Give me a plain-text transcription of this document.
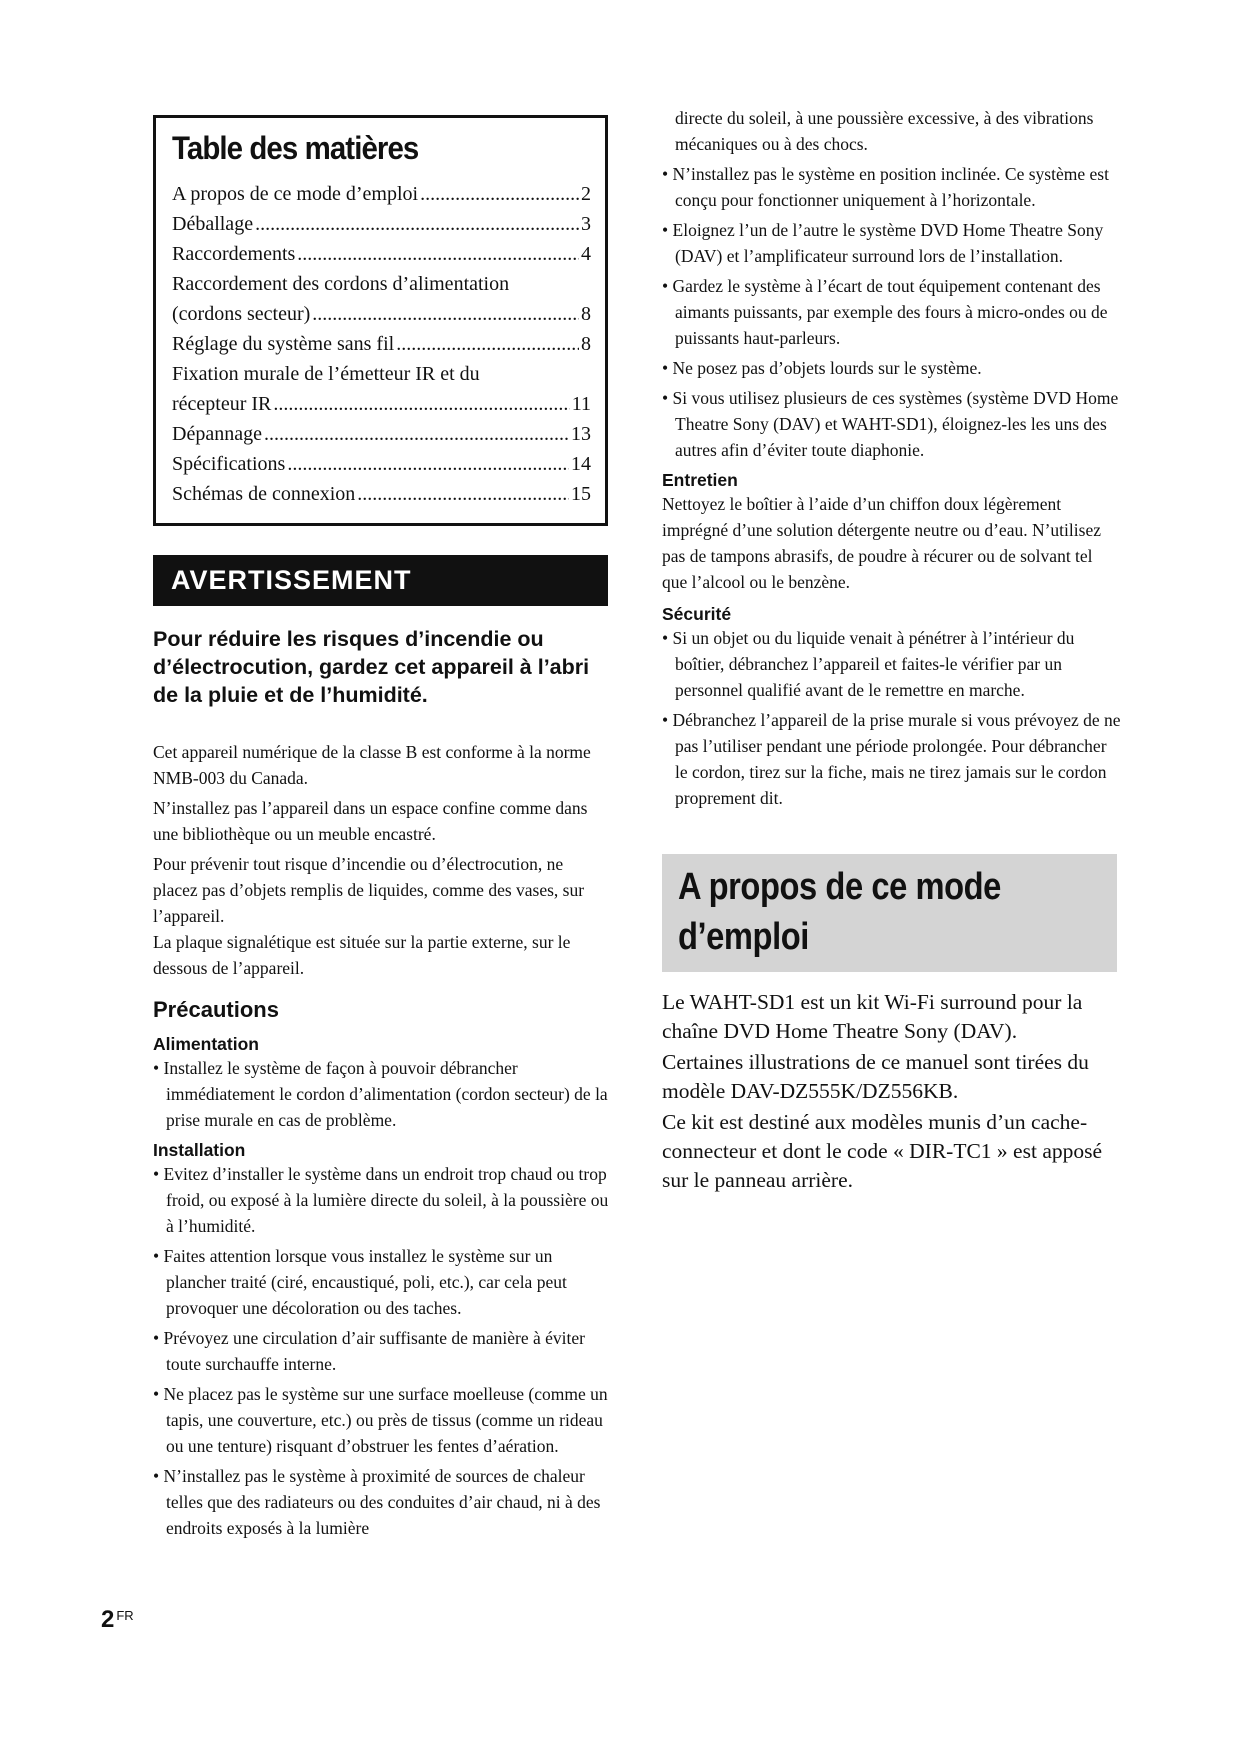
Table des matières
A propos de ce mode d’emploi .....	2
Déballage .....	3
Raccordements .....	4
Raccordement des cordons d’alimentation
(cordons secteur) .....	8
Réglage du système sans fil .....	8
Fixation murale de l’émetteur IR et du
récepteur IR .....	11
Dépannage .....	13
Spécifications .....	14
Schémas de connexion .....	15
AVERTISSEMENT
Pour réduire les risques d’incendie ou d’électrocution, gardez cet appareil à l’abri de la pluie et de l’humidité.

Cet appareil numérique de la classe B est conforme à la norme NMB-003 du Canada.

N’installez pas l’appareil dans un espace confine comme dans une bibliothèque ou un meuble encastré.

Pour prévenir tout risque d’incendie ou d’électrocution, ne placez pas d’objets remplis de liquides, comme des vases, sur l’appareil.

La plaque signalétique est située sur la partie externe, sur le dessous de l’appareil.

Précautions
Alimentation
• Installez le système de façon à pouvoir débrancher immédiatement le cordon d’alimentation (cordon secteur) de la prise murale en cas de problème.
Installation
• Evitez d’installer le système dans un endroit trop chaud ou trop froid, ou exposé à la lumière directe du soleil, à la poussière ou à l’humidité.
• Faites attention lorsque vous installez le système sur un plancher traité (ciré, encaustiqué, poli, etc.), car cela peut provoquer une décoloration ou des taches.
• Prévoyez une circulation d’air suffisante de manière à éviter toute surchauffe interne.
• Ne placez pas le système sur une surface moelleuse (comme un tapis, une couverture, etc.) ou près de tissus (comme un rideau ou une tenture) risquant d’obstruer les fentes d’aération.
• N’installez pas le système à proximité de sources de chaleur telles que des radiateurs ou des conduites d’air chaud, ni à des endroits exposés à la lumière
directe du soleil, à une poussière excessive, à des vibrations mécaniques ou à des chocs.
• N’installez pas le système en position inclinée. Ce système est conçu pour fonctionner uniquement à l’horizontale.
• Eloignez l’un de l’autre le système DVD Home Theatre Sony (DAV) et l’amplificateur surround lors de l’installation.
• Gardez le système à l’écart de tout équipement contenant des aimants puissants, par exemple des fours à micro-ondes ou de puissants haut-parleurs.
• Ne posez pas d’objets lourds sur le système.
• Si vous utilisez plusieurs de ces systèmes (système DVD Home Theatre Sony (DAV) et WAHT-SD1), éloignez-les les uns des autres afin d’éviter toute diaphonie.
Entretien

Nettoyez le boîtier à l’aide d’un chiffon doux légèrement imprégné d’une solution détergente neutre ou d’eau. N’utilisez pas de tampons abrasifs, de poudre à récurer ou de solvant tel que l’alcool ou le benzène.

Sécurité
• Si un objet ou du liquide venait à pénétrer à l’intérieur du boîtier, débranchez l’appareil et faites-le vérifier par un personnel qualifié avant de le remettre en marche.
• Débranchez l’appareil de la prise murale si vous prévoyez de ne pas l’utiliser pendant une période prolongée. Pour débrancher le cordon, tirez sur la fiche, mais ne tirez jamais sur le cordon proprement dit.
A propos de ce mode
d’emploi

Le WAHT-SD1 est un kit Wi-Fi surround pour la chaîne DVD Home Theatre Sony (DAV).

Certaines illustrations de ce manuel sont tirées du modèle DAV-DZ555K/DZ556KB.

Ce kit est destiné aux modèles munis d’un cache-connecteur et dont le code « DIR-TC1 » est apposé sur le panneau arrière.

2 $^{FR}$
